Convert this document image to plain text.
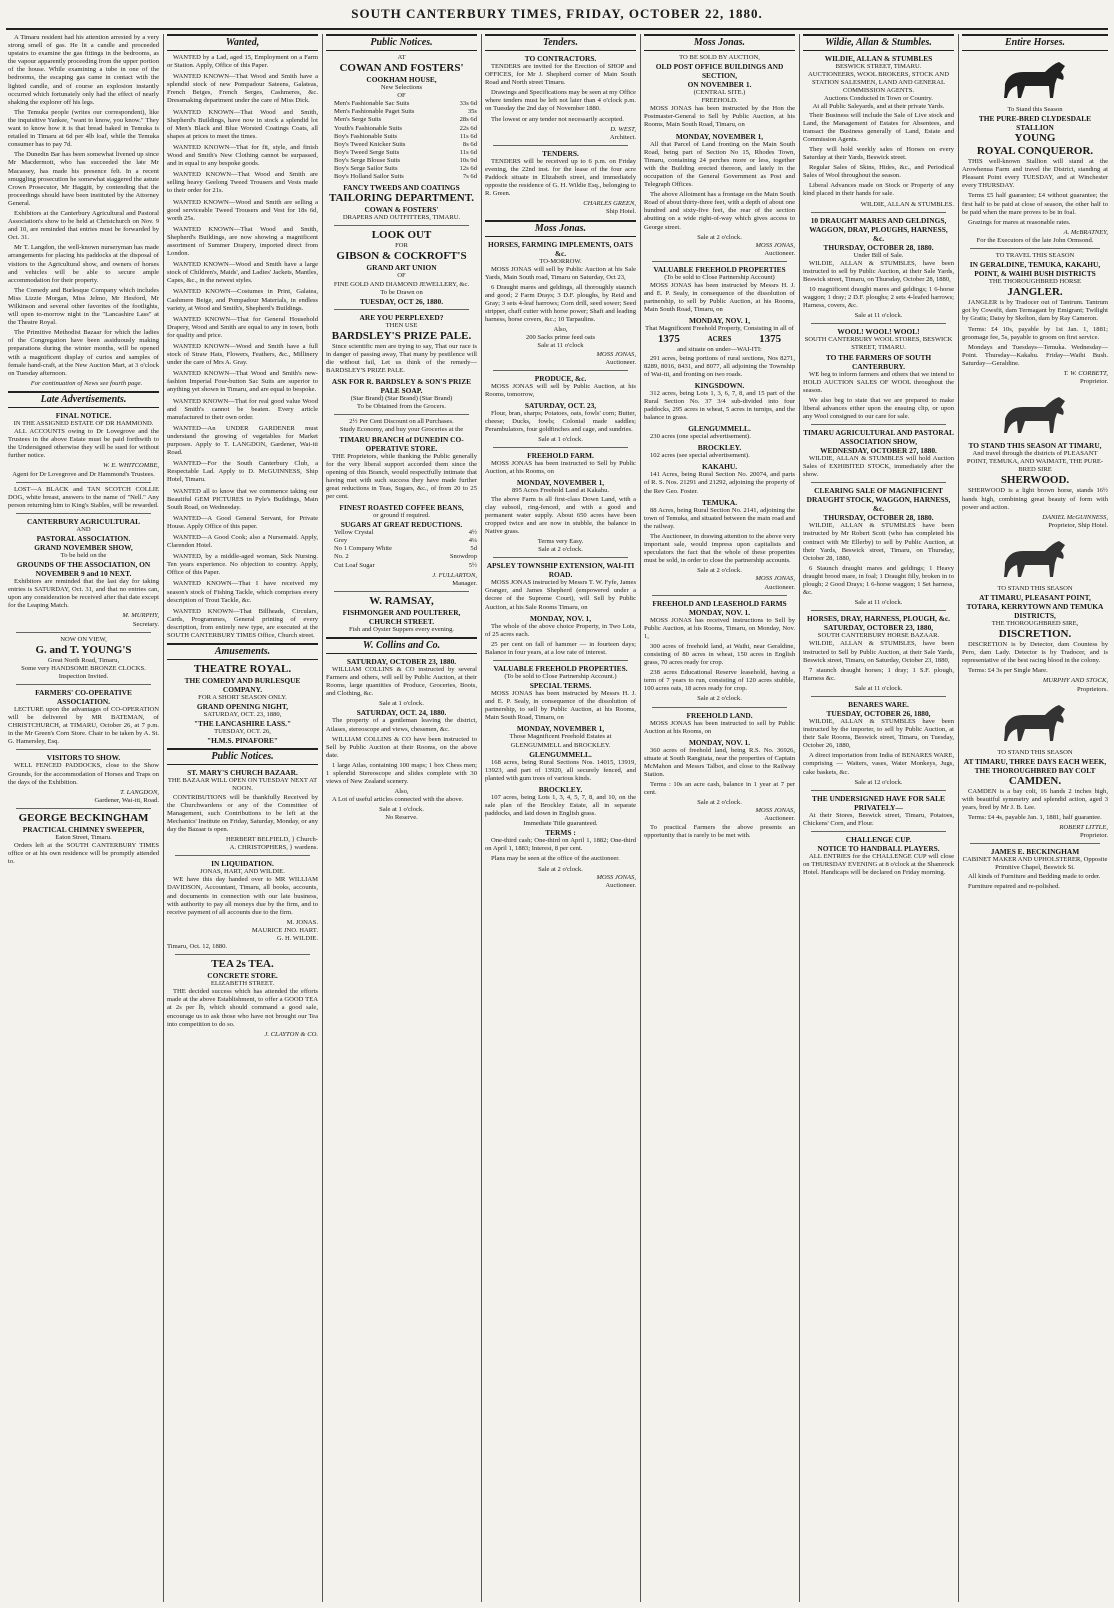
SOUTH CANTERBURY TIMES, FRIDAY, OCTOBER 22, 1880.

A Timaru resident had his attention arrested by a very strong smell of gas. He lit a candle and proceeded upstairs to examine the gas fittings in the bedrooms, as the vapour apparently proceeding from the upper portion of the house. While examining a tube in one of the bedrooms, the escaping gas came in contact with the lighted candle, and of course an explosion instantly occurred which fortunately only had the effect of nearly shaking the explorer off his legs.

The Temuka people (writes our correspondent), like the inquisitive Yankee, "want to know, you know." They want to know how it is that bread baked in Temuka is retailed in Timaru at 6d per 4lb loaf, while the Temuka consumer has to pay 7d.

The Dunedin Bar has been somewhat livened up since Mr Macdermott, who has succeeded the late Mr Macassey, has made his presence felt. In a recent smuggling prosecution he somewhat staggered the astute Crown Prosecutor, Mr Haggitt, by contending that the proceedings should have been instituted by the Attorney General.

Exhibitors at the Canterbury Agricultural and Pastoral Association's show to be held at Christchurch on Nov. 9 and 10, are reminded that entries must be forwarded by Oct. 31.

Mr T. Langdon, the well-known nurseryman has made arrangements for placing his paddocks at the disposal of visitors to the Agricultural show, and owners of horses and vehicles will be able to secure ample accommodation for their property.

The Comedy and Burlesque Company which includes Miss Lizzie Morgan, Miss Jelmo, Mr Hesford, Mr Wilkinson and several other favorites of the footlights, will open to-morrow night in the "Lancashire Lass" at the Theatre Royal.

The Primitive Methodist Bazaar for which the ladies of the Congregation have been assiduously making preparations during the winter months, will be opened with a magnificent display of curios and samples of female hand-craft, at the New Auction Mart, at 3 o'clock on Tuesday afternoon.

For continuation of News see fourth page.

Late Advertisements.
FINAL NOTICE.
IN THE ASSIGNED ESTATE OF DR HAMMOND.

ALL ACCOUNTS owing to Dr Lovegrove and the Trustees in the above Estate must be paid forthwith to the Undersigned otherwise they will be sued for without further notice.

W. E. WHITCOMBE,
Agent for Dr Lovegrove and Dr Hammond's Trustees.

LOST—A BLACK and TAN SCOTCH COLLIE DOG, white breast, answers to the name of "Nell." Any person returning him to King's Stables, will be rewarded.

CANTERBURY AGRICULTURAL
AND
PASTORAL ASSOCIATION.
GRAND NOVEMBER SHOW,
To be held on the
GROUNDS OF THE ASSOCIATION, ON NOVEMBER 9 and 10 NEXT.

Exhibitors are reminded that the last day for taking entries is SATURDAY, Oct. 31, and that no entries can, upon any consideration be received after that date except for the Leaping Match.

M. MURPHY,
Secretary.
NOW ON VIEW,
G. and T. YOUNG'S
Great North Road, Timaru,
Some very HANDSOME BRONZE CLOCKS.
Inspection Invited.
FARMERS' CO-OPERATIVE ASSOCIATION.

LECTURE upon the advantages of CO-OPERATION will be delivered by MR BATEMAN, of CHRISTCHURCH, at TIMARU, October 26, at 7 p.m. in the Mr Green's Corn Store. Chair to be taken by A. St. G. Hamersley, Esq.

VISITORS TO SHOW.

WELL FENCED PADDOCKS, close to the Show Grounds, for the accommodation of Horses and Traps on the days of the Exhibition.

T. LANGDON,
Gardener, Wai-iti, Road.
GEORGE BECKINGHAM
PRACTICAL CHIMNEY SWEEPER,
Eaton Street, Timaru.

Orders left at the SOUTH CANTERBURY TIMES office or at his own residence will be promptly attended to.

Wanted,

WANTED by a Lad, aged 15, Employment on a Farm or Station. Apply, Office of this Paper.

WANTED KNOWN—That Wood and Smith have a splendid stock of new Pompadour Sateens, Galateas, French Beiges, French Serges, Cashmeres, &c. Dressmaking department under the care of Miss Dick.

WANTED KNOWN—That Wood and Smith, Shepherd's Buildings, have now in stock a splendid lot of Men's Black and Blue Worsted Coatings Coats, all shapes at prices to meet the times.

WANTED KNOWN—That for fit, style, and finish Wood and Smith's New Clothing cannot be surpassed, and in equal to any bespoke goods.

WANTED KNOWN—That Wood and Smith are selling heavy Geelong Tweed Trousers and Vests made to their order for 21s.

WANTED KNOWN—Wood and Smith are selling a good serviceable Tweed Trousers and Vest for 18s 6d, worth 25s.

WANTED KNOWN—That Wood and Smith, Shepherd's Buildings, are now showing a magnificent assortment of Summer Drapery, imported direct from London.

WANTED KNOWN—Wood and Smith have a large stock of Children's, Maids', and Ladies' Jackets, Mantles, Capes, &c., in the newest styles.

WANTED KNOWN—Costumes in Print, Galatea, Cashmere Beige, and Pompadour Materials, in endless variety, at Wood and Smith's, Shepherd's Buildings.

WANTED KNOWN—That for General Household Drapery, Wood and Smith are equal to any in town, both for quality and price.

WANTED KNOWN—Wood and Smith have a full stock of Straw Hats, Flowers, Feathers, &c., Millinery under the care of Mrs A. Gray.

WANTED KNOWN—That Wood and Smith's new-fashion Imperial Four-button Sac Suits are superior to anything yet shown in Timaru, and are equal to bespoke.

WANTED KNOWN—That for real good value Wood and Smith's cannot be beaten. Every article manufactured to their own order.

WANTED—An UNDER GARDENER must understand the growing of vegetables for Market purposes. Apply to T. LANGDON, Gardener, Wai-iti Road.

WANTED—For the South Canterbury Club, a Respectable Lad. Apply to D. McGUINNESS, Ship Hotel, Timaru.

WANTED all to know that we commence taking our Beautiful GEM PICTURES in Pyle's Buildings, Main South Road, on Wednesday.

WANTED—A Good General Servant, for Private House. Apply Office of this paper.

WANTED—A Good Cook; also a Nursemaid. Apply, Clarendon Hotel.

WANTED, by a middle-aged woman, Sick Nursing. Ten years experience. No objection to country. Apply, Office of this Paper.

WANTED KNOWN—That I have received my season's stock of Fishing Tackle, which comprises every description of Trout Tackle, &c.

WANTED KNOWN—That Billheads, Circulars, Cards, Programmes, General printing of every description, from entirely new type, are executed at the SOUTH CANTERBURY TIMES Office, Church street.

Amusements.
THEATRE ROYAL.
THE COMEDY AND BURLESQUE COMPANY.
FOR A SHORT SEASON ONLY.
GRAND OPENING NIGHT,
SATURDAY, OCT. 23, 1880,
"THE LANCASHIRE LASS."
TUESDAY, OCT. 26,
"H.M.S. PINAFORE"
Public Notices.
ST. MARY'S CHURCH BAZAAR.
THE BAZAAR WILL OPEN ON TUESDAY NEXT AT NOON.

CONTRIBUTIONS will be thankfully Received by the Churchwardens or any of the Committee of Management, such Contributions to be left at the Mechanics' Institute on Friday, Saturday, Monday, or any day the Bazaar is open.

HERBERT BELFIELD, } Church-
A. CHRISTOPHERS, } wardens.
IN LIQUIDATION.
JONAS, HART, AND WILDIE.

WE have this day handed over to MR WILLIAM DAVIDSON, Accountant, Timaru, all books, accounts, and documents in connection with our late business, with authority to pay all moneys due by the firm, and to receive payment of all accounts due to the firm.

M. JONAS.
MAURICE JNO. HART.
G. H. WILDIE.
Timaru, Oct. 12, 1880.
TEA 2s TEA.
CONCRETE STORE.
ELIZABETH STREET.

THE decided success which has attended the efforts made at the above Establishment, to offer a GOOD TEA at 2s per lb, which should command a good sale, encourage us to ask those who have not brought our Tea into competition to do so.

J. CLAYTON & CO.
Public Notices.
AT
COWAN AND FOSTERS'
COOKHAM HOUSE,
New Selections
OF
Men's Fashionable Sac Suits	33s 6d
Men's Fashionable Paget Suits	35s
Men's Serge Suits	28s 6d
Youth's Fashionable Suits	22s 6d
Boy's Fashionable Suits	11s 6d
Boy's Tweed Knicker Suits	8s 6d
Boy's Tweed Serge Suits	11s 6d
Boy's Serge Blouse Suits	10s 9d
Boy's Serge Sailor Suits	12s 6d
Boy's Holland Sailor Suits	7s 6d
FANCY TWEEDS AND COATINGS
TAILORING DEPARTMENT.
COWAN & FOSTERS'
DRAPERS AND OUTFITTERS, TIMARU.
LOOK OUT
FOR
GIBSON & COCKROFT'S
GRAND ART UNION
OF
FINE GOLD AND DIAMOND JEWELLERY, &c.
To be Drawn on
TUESDAY, OCT 26, 1880.
ARE YOU PERPLEXED?
THEN USE
BARDSLEY'S PRIZE PALE.

Since scientific men are trying to say, That our race is in danger of passing away, That many by pestilence will die without fail, Let us think of the remedy—BARDSLEY'S PRIZE PALE.

ASK FOR R. BARDSLEY & SON'S PRIZE PALE SOAP.
(Star Brand) (Star Brand) (Star Brand)
To be Obtained from the Grocers.
2½ Per Cent Discount on all Purchases.
Study Economy, and buy your Groceries at the
TIMARU BRANCH of DUNEDIN CO-OPERATIVE STORE.

THE Proprietors, while thanking the Public generally for the very liberal support accorded them since the opening of this Branch, would respectfully intimate that having met with such success they have made further great reductions in Teas, Sugars, &c., of from 20 to 25 per cent.

FINEST ROASTED COFFEE BEANS,
or ground if required.
SUGARS AT GREAT REDUCTIONS.
Yellow Crystal	4½
Grey	4¼
No 1 Company White	5d
No. 2	Snowdrop
Cut Loaf Sugar	5½
J. FULLARTON,
Manager.
W. RAMSAY,
FISHMONGER AND POULTERER, CHURCH STREET.
Fish and Oyster Suppers every evening.
W. Collins and Co.
SATURDAY, OCTOBER 23, 1880.

WILLIAM COLLINS & CO instructed by several Farmers and others, will sell by Public Auction, at their Rooms, large quantities of Produce, Groceries, Boots, and Clothing, &c.

Sale at 1 o'clock.
SATURDAY, OCT. 24, 1880.

The property of a gentleman leaving the district, Atlases, stereoscope and views, chessmen, &c.

WILLIAM COLLINS & CO have been instructed to Sell by Public Auction at their Rooms, on the above date.

1 large Atlas, containing 100 maps; 1 box Chess men; 1 splendid Stereoscope and slides complete with 30 views of New Zealand scenery.

Also,

A Lot of useful articles connected with the above.

Sale at 1 o'clock.
No Reserve.
Tenders.
TO CONTRACTORS.

TENDERS are invited for the Erection of SHOP and OFFICES, for Mr J. Shepherd corner of Main South Road and North street Timaru.

Drawings and Specifications may be seen at my Office where tenders must be left not later than 4 o'clock p.m. on Tuesday the 2nd day of November 1880.

The lowest or any tender not necessarily accepted.

D. WEST,
Architect.
TENDERS.

TENDERS will be received up to 6 p.m. on Friday evening, the 22nd inst. for the lease of the four acre Paddock situate in Elizabeth street, and immediately opposite the residence of G. H. Wildie Esq., belonging to R. Green.

CHARLES GREEN,
Ship Hotel.
Moss Jonas.
HORSES, FARMING IMPLEMENTS, OATS &c.
TO-MORROW.

MOSS JONAS will sell by Public Auction at his Sale Yards, Main South road, Timaru on Saturday, Oct 23,

6 Draught mares and geldings, all thoroughly staunch and good; 2 Farm Drays; 3 D.F. ploughs, by Reid and Gray; 3 sets 4-leaf harrows; Corn drill, seed sower; Seed stripper, chaff cutter with horse power; Shaft and leading harness, horse covers, &c.; 10 Tarpaulins.

Also,
200 Sacks prime feed oats
Sale at 11 o'clock
MOSS JONAS,
Auctioneer.
PRODUCE, &c.

MOSS JONAS will sell by Public Auction, at his Rooms, tomorrow,

SATURDAY, OCT. 23,

Flour, bran, sharps; Potatoes, oats, fowls' corn; Butter, cheese; Ducks, fowls; Colonial made saddles; Perambulators, four goldfinches and cage, and sundries.

Sale at 1 o'clock.
FREEHOLD FARM.

MOSS JONAS has been instructed to Sell by Public Auction, at his Rooms, on

MONDAY, NOVEMBER 1,
895 Acres Freehold Land at Kakahu.

The above Farm is all first-class Down Land, with a clay subsoil, ring-fenced, and with a good and permanent water supply. About 650 acres have been cropped twice and are now in stubble, the balance in Native grass.

Terms very Easy.
Sale at 2 o'clock.
APSLEY TOWNSHIP EXTENSION, WAI-ITI ROAD.

MOSS JONAS instructed by Messrs T. W. Fyfe, James Granger, and James Shepherd (empowered under a decree of the Supreme Court), will Sell by Public Auction, at his Sale Rooms Timaru, on

MONDAY, NOV. 1,

The whole of the above choice Property, in Two Lots, of 25 acres each.

25 per cent on fall of hammer — in fourteen days; Balance in four years, at a low rate of interest.

VALUABLE FREEHOLD PROPERTIES.
(To be sold to Close Partnership Account.)
SPECIAL TERMS.

MOSS JONAS has been instructed by Messrs H. J. and E. P. Sealy, in consequence of the dissolution of partnership, to sell by Public Auction, at his Rooms, Main South Road, Timaru, on

MONDAY, NOVEMBER 1,
Those Magnificent Freehold Estates at GLENGUMMELL and BROCKLEY.
GLENGUMMELL.

168 acres, being Rural Sections Nos. 14015, 13919, 13923, and part of 13920, all securely fenced, and planted with gum trees of various kinds.

BROCKLEY.

107 acres, being Lots 1, 3, 4, 5, 7, 8, and 10, on the sale plan of the Brockley Estate, all in separate paddocks, and laid down in English grass.

Immediate Title guaranteed.
TERMS :

One-third cash; One-third on April 1, 1882; One-third on April 1, 1883; Interest, 8 per cent.

Plans may be seen at the office of the auctioneer.

Sale at 2 o'clock.
MOSS JONAS,
Auctioneer.
Moss Jonas.
TO BE SOLD BY AUCTION,
OLD POST OFFICE BUILDINGS AND SECTION,
ON NOVEMBER 1.
(CENTRAL SITE.)
FREEHOLD.

MOSS JONAS has been instructed by the Hon the Postmaster-General to Sell by Public Auction, at his Rooms, Main South Road, Timaru, on

MONDAY, NOVEMBER 1,

All that Parcel of Land fronting on the Main South Road, being part of Section No 15, Rhodes Town, Timaru, containing 24 perches more or less, together with the Building erected thereon, and lately in the occupation of the General Government as Post and Telegraph Offices.

The above Allotment has a frontage on the Main South Road of about thirty-three feet, with a depth of about one hundred and sixty-five feet, the rear of the section abutting on a wide right-of-way which gives access to George street.

Sale at 2 o'clock.
MOSS JONAS,
Auctioneer.
VALUABLE FREEHOLD PROPERTIES
(To be sold to Close Partnership Account)

MOSS JONAS has been instructed by Messrs H. J. and E. P. Sealy, in consequence of the dissolution of partnership, to sell by Public Auction, at his Rooms, Main South Road, Timaru, on

MONDAY, NOV. 1,
That Magnificent Freehold Property, Consisting in all of
1375	ACRES	1375
and situate on under—WAI-ITI:

291 acres, being portions of rural sections, Nos 8271, 8289, 8016, 8431, and 8077, all adjoining the Township of Wai-iti, and fronting on two roads.

KINGSDOWN.

312 acres, being Lots 1, 3, 6, 7, 8, and 15 part of the Rural Section No. 37 3/4 sub-divided into four paddocks, 295 acres in wheat, 5 acres in turnips, and the balance in grass.

GLENGUMMELL.

230 acres (one special advertisement).

BROCKLEY.

102 acres (see special advertisement).

KAKAHU.

141 Acres, being Rural Section No. 20074, and parts of R. S. Nos. 21291 and 21292, adjoining the property of the Rev Geo. Foster.

TEMUKA.

88 Acres, being Rural Section No. 2141, adjoining the town of Temuka, and situated between the main road and the railway.

The Auctioneer, in drawing attention to the above very important sale, would impress upon capitalists and speculators the fact that the whole of these properties must be sold, in order to close the partnership accounts.

Sale at 2 o'clock.
MOSS JONAS,
Auctioneer.
FREEHOLD AND LEASEHOLD FARMS
MONDAY, NOV. 1.

MOSS JONAS has received instructions to Sell by Public Auction, at his Rooms, Timaru, on Monday, Nov. 1,

300 acres of freehold land, at Waihi, near Geraldine, consisting of 80 acres in wheat, 150 acres in English grass, 70 acres ready for crop.

238 acres Educational Reserve leasehold, having a term of 7 years to run, consisting of 120 acres stubble, 100 acres oats, 18 acres ready for crop.

Sale at 2 o'clock.
FREEHOLD LAND.

MOSS JONAS has been instructed to sell by Public Auction at his Rooms, on

MONDAY, NOV. 1.

360 acres of freehold land, being R.S. No. 36926, situate at South Rangitata, near the properties of Captain McMahon and Messrs Talbot, and close to the Railway Station.

Terms : 10s an acre cash, balance in 1 year at 7 per cent.

Sale at 2 o'clock.
MOSS JONAS,
Auctioneer.

To practical Farmers the above presents an opportunity that is rarely to be met with.

Wildie, Allan & Stumbles.
WILDIE, ALLAN & STUMBLES
BESWICK STREET, TIMARU.
AUCTIONEERS, WOOL BROKERS, STOCK AND STATION SALESMEN, LAND AND GENERAL COMMISSION AGENTS.
Auctions Conducted in Town or Country.
At all Public Saleyards, and at their private Yards.

Their Business will include the Sale of Live stock and Land, the Management of Estates for Absentees, and transact the Business generally of Land, Estate and Commission Agents.

They will hold weekly sales of Horses on every Saturday at their Yards, Beswick street.

Regular Sales of Skins, Hides, &c., and Periodical Sales of Wool throughout the season.

Liberal Advances made on Stock or Property of any kind placed in their hands for sale.

WILDIE, ALLAN & STUMBLES.
10 DRAUGHT MARES AND GELDINGS, WAGGON, DRAY, PLOUGHS, HARNESS, &c.
THURSDAY, OCTOBER 28, 1880.
Under Bill of Sale.

WILDIE, ALLAN & STUMBLES, have been instructed to sell by Public Auction, at their Sale Yards, Beswick street, Timaru, on Thursday, October 28, 1880,

10 magnificent draught mares and geldings; 1 6-horse waggon; 1 dray; 2 D.F. ploughs; 2 sets 4-leafed harrows; Harness, covers, &c.

Sale at 11 o'clock.
WOOL! WOOL! WOOL!
SOUTH CANTERBURY WOOL STORES, BESWICK STREET, TIMARU.
TO THE FARMERS OF SOUTH CANTERBURY.

WE beg to inform farmers and others that we intend to HOLD AUCTION SALES OF WOOL throughout the season.

We also beg to state that we are prepared to make liberal advances either upon the ensuing clip, or upon any Wool consigned to our care for sale.

TIMARU AGRICULTURAL AND PASTORAL ASSOCIATION SHOW,
WEDNESDAY, OCTOBER 27, 1880.

WILDIE, ALLAN & STUMBLES will hold Auction Sales of EXHIBITED STOCK, immediately after the show.

CLEARING SALE OF MAGNIFICENT DRAUGHT STOCK, WAGGON, HARNESS, &c.
THURSDAY, OCTOBER 28, 1880.

WILDIE, ALLAN & STUMBLES have been instructed by Mr Robert Scott (who has completed his contract with Mr Ellerby) to sell by Public Auction, at their Yards, Beswick street, Timaru, on Thursday, October 28, 1880,

6 Staunch draught mares and geldings; 1 Heavy draught brood mare, in foal; 1 Draught filly, broken in to plough; 2 Good Drays; 1 6-horse waggon; 1 Set harness, &c.

Sale at 11 o'clock.
HORSES, DRAY, HARNESS, PLOUGH, &c.
SATURDAY, OCTOBER 23, 1880,
SOUTH CANTERBURY HORSE BAZAAR.

WILDIE, ALLAN & STUMBLES, have been instructed to Sell by Public Auction, at their Sale Yards, Beswick street, Timaru, on Saturday, October 23, 1880,

7 staunch draught horses; 1 dray; 1 S.F. plough, Harness &c.

Sale at 11 o'clock.
BENARES WARE.
TUESDAY, OCTOBER 26, 1880,

WILDIE, ALLAN & STUMBLES have been instructed by the importer, to sell by Public Auction, at their Sale Rooms, Beswick street, Timaru, on Tuesday, October 26, 1880,

A direct importation from India of BENARES WARE, comprising — Waiters, vases, Water Monkeys, Jugs, cake baskets, &c.

Sale at 12 o'clock.
THE UNDERSIGNED HAVE FOR SALE PRIVATELY—

At their Stores, Beswick street, Timaru, Potatoes, Chickens' Corn, and Flour.

CHALLENGE CUP.
NOTICE TO HANDBALL PLAYERS.

ALL ENTRIES for the CHALLENGE CUP will close on THURSDAY EVENING at 8 o'clock at the Shamrock Hotel. Handicaps will be declared on Friday morning.

Entire Horses.
To Stand this Season
THE PURE-BRED CLYDESDALE STALLION
YOUNG
ROYAL CONQUEROR.

THIS well-known Stallion will stand at the Arowhenua Farm and travel the District, standing at Pleasant Point every TUESDAY, and at Winchester every THURSDAY.

Terms £5 half guarantee; £4 without guarantee; the first half to be paid at close of season, the other half to be paid when the mare proves to be in foal.

Grazings for mares at reasonable rates.

A. McBRATNEY,
For the Executors of the late John Ormsond.
TO TRAVEL THIS SEASON
IN GERALDINE, TEMUKA, KAKAHU, POINT, & WAIHI BUSH DISTRICTS
THE THOROUGHBRED HORSE
JANGLER.

JANGLER is by Tradocer out of Tantrum. Tantrum got by Cowsfit, dam Termagant by Emigrant; Twilight by Gratis; Daisy by Skelton, dam by Ray Cameron.

Terms: £4 10s, payable by 1st Jan. 1, 1881; groomage fee, 5s, payable to groom on first service.

Mondays and Tuesdays—Temuka. Wednesday—Point. Thursday—Kakahu. Friday—Waihi Bush. Saturday—Geraldine.

T. W. CORBETT,
Proprietor.
TO STAND THIS SEASON AT TIMARU,
And travel through the districts of PLEASANT POINT, TEMUKA, AND WAIMATE, THE PURE-BRED SIRE
SHERWOOD.

SHERWOOD is a light brown horse, stands 16½ hands high, combining great beauty of form with power and action.

DANIEL McGUINNESS,
Proprietor, Ship Hotel.
TO STAND THIS SEASON
AT TIMARU, PLEASANT POINT, TOTARA, KERRYTOWN AND TEMUKA DISTRICTS,
THE THOROUGHBRED SIRE,
DISCRETION.

DISCRETION is by Detector, dam Countess by Pero, dam Lady. Detector is by Tradocer, and is representative of the best racing blood in the colony.

Terms: £4 3s per Single Mare.

MURPHY AND STOCK,
Proprietors.
TO STAND THIS SEASON
AT TIMARU, THREE DAYS EACH WEEK, THE THOROUGHBRED BAY COLT
CAMDEN.

CAMDEN is a bay colt, 16 hands 2 inches high, with beautiful symmetry and splendid action, aged 3 years, bred by Mr J. B. Lee.

Terms: £4 4s, payable Jan. 1, 1881, half guarantee.

ROBERT LITTLE,
Proprietor.
JAMES E. BECKINGHAM
CABINET MAKER AND UPHOLSTERER, Opposite Primitive Chapel, Beswick St.

All kinds of Furniture and Bedding made to order.

Furniture repaired and re-polished.
